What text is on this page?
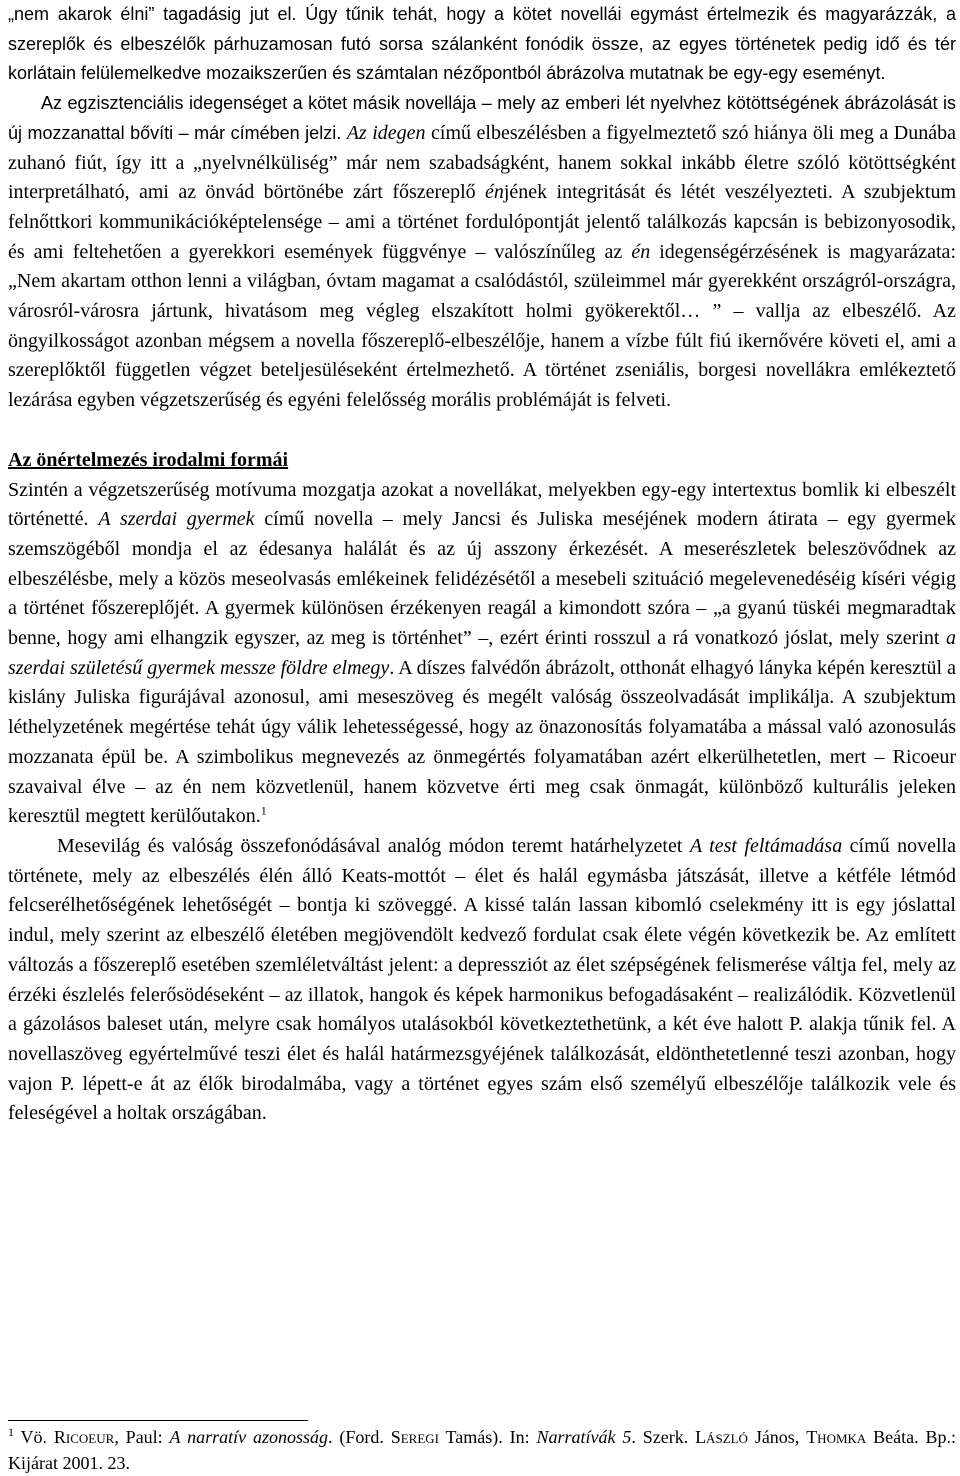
„nem akarok élni” tagadásig jut el. Úgy tűnik tehát, hogy a kötet novellái egymást értelmezik és magyarázzák, a szereplők és elbeszélők párhuzamosan futó sorsa szálanként fonódik össze, az egyes történetek pedig idő és tér korlátain felülemelkedve mozaikszerűen és számtalan nézőpontból ábrázolva mutatnak be egy-egy eseményt.

Az egzisztenciális idegenséget a kötet másik novellája – mely az emberi lét nyelvhez kötöttségének ábrázolását is új mozzanattal bővíti – már címében jelzi. Az idegen című elbeszélésben a figyelmeztető szó hiánya öli meg a Dunába zuhanó fiút, így itt a „nyelvnélküliség” már nem szabadságként, hanem sokkal inkább életre szóló kötöttségként interpretálható, ami az önvád börtönébe zárt főszereplő énjének integritását és létét veszélyezteti. A szubjektum felnőttkori kommunikációképtelensége – ami a történet fordulópontját jelentő találkozás kapcsán is bebizonyosodik, és ami feltehetően a gyerekkori események függvénye – valószínűleg az én idegenségérzésének is magyarázata: „Nem akartam otthon lenni a világban, óvtam magamat a csalódástól, szüleimmel már gyerekként országról-országra, városról-városra jártunk, hivatásom meg végleg elszakított holmi gyökerektől… ” – vallja az elbeszélő. Az öngyilkosságot azonban mégsem a novella főszereplő-elbeszélője, hanem a vízbe fúlt fiú ikernővére követi el, ami a szereplőktől független végzet beteljesüléseként értelmezhető. A történet zseniális, borgesi novellákra emlékeztető lezárása egyben végzetszerűség és egyéni felelősség morális problémáját is felveti.

Az önértelmezés irodalmi formái

Szintén a végzetszerűség motívuma mozgatja azokat a novellákat, melyekben egy-egy intertextus bomlik ki elbeszélt történetté. A szerdai gyermek című novella – mely Jancsi és Juliska meséjének modern átirata – egy gyermek szemszögéből mondja el az édesanya halálát és az új asszony érkezését. A meserészletek beleszövődnek az elbeszélésbe, mely a közös meseolvasás emlékeinek felidézésétől a mesebeli szituáció megelevenedéséig kíséri végig a történet főszereplőjét. A gyermek különösen érzékenyen reagál a kimondott szóra – „a gyanú tüskéi megmaradtak benne, hogy ami elhangzik egyszer, az meg is történhet” –, ezért érinti rosszul a rá vonatkozó jóslat, mely szerint a szerdai születésű gyermek messze földre elmegy. A díszes falvédőn ábrázolt, otthonát elhagyó lányka képén keresztül a kislány Juliska figurájával azonosul, ami meseszöveg és megélt valóság összeolvadását implikálja. A szubjektum léthelyzetének megértése tehát úgy válik lehetességessé, hogy az önazonosítás folyamatába a mással való azonosulás mozzanata épül be. A szimbolikus megnevezés az önmegértés folyamatában azért elkerülhetetlen, mert – Ricoeur szavaival élve – az én nem közvetlenül, hanem közvetve érti meg csak önmagát, különböző kulturális jeleken keresztül megtett kerülőutakon.$^1$

Mesevilág és valóság összefonódásával analóg módon teremt határhelyzetet A test feltámadása című novella története, mely az elbeszélés élén álló Keats-mottót – élet és halál egymásba játszását, illetve a kétféle létmód felcserélhetőségének lehetőségét – bontja ki szöveggé. A kissé talán lassan kibomló cselekmény itt is egy jóslattal indul, mely szerint az elbeszélő életében megjövendölt kedvező fordulat csak élete végén következik be. Az említett változás a főszereplő esetében szemléletváltást jelent: a depressziót az élet szépségének felismerése váltja fel, mely az érzéki észlelés felerősödéseként – az illatok, hangok és képek harmonikus befogadásaként – realizálódik. Közvetlenül a gázolásos baleset után, melyre csak homályos utalásokból következtethetünk, a két éve halott P. alakja tűnik fel. A novellaszöveg egyértelművé teszi élet és halál határmezsgyéjének találkozását, eldönthetetlenné teszi azonban, hogy vajon P. lépett-e át az élők birodalmába, vagy a történet egyes szám első személyű elbeszélője találkozik vele és feleségével a holtak országában.

$^1$ Vö. Ricoeur, Paul: A narratív azonosság. (Ford. Seregi Tamás). In: Narratívák 5. Szerk. László János, Thomka Beáta. Bp.: Kijárat 2001. 23.
